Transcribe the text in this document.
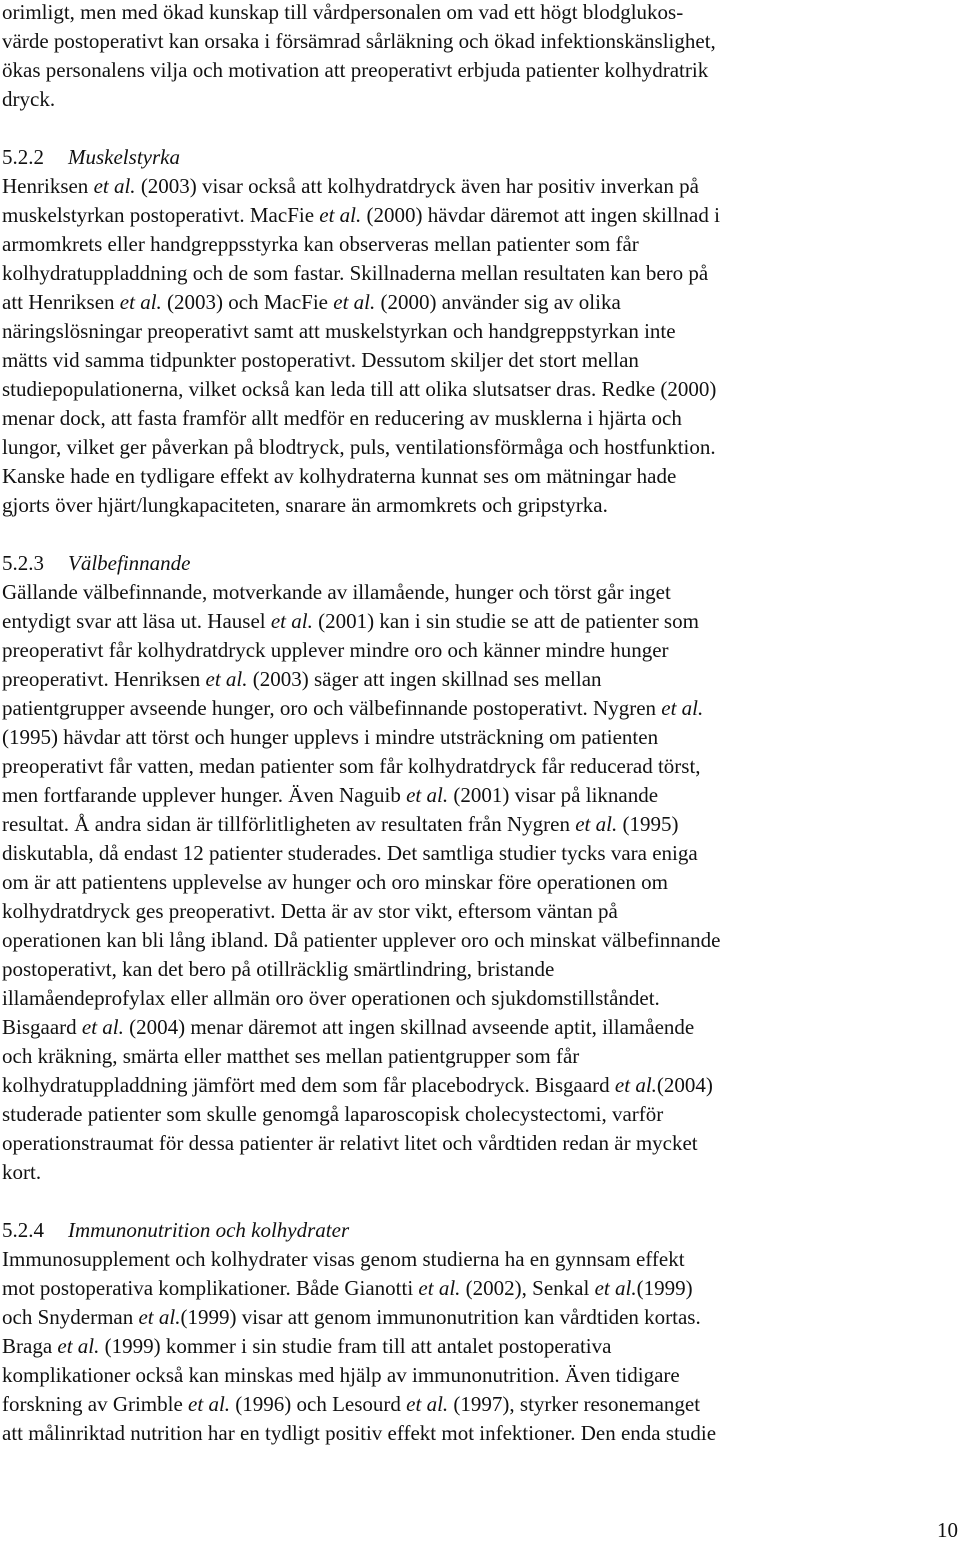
orimligt, men med ökad kunskap till vårdpersonalen om vad ett högt blodglukos-
värde postoperativt kan orsaka i försämrad sårläkning och ökad infektionskänslighet,
ökas personalens vilja och motivation att preoperativt erbjuda patienter kolhydratrik
dryck.
5.2.2 Muskelstyrka
Henriksen et al. (2003) visar också att kolhydratdryck även har positiv inverkan på
muskelstyrkan postoperativt. MacFie et al. (2000) hävdar däremot att ingen skillnad i
armomkrets eller handgreppsstyrka kan observeras mellan patienter som får
kolhydratuppladdning och de som fastar. Skillnaderna mellan resultaten kan bero på
att Henriksen et al. (2003) och MacFie et al. (2000) använder sig av olika
näringslösningar preoperativt samt att muskelstyrkan och handgreppstyrkan inte
mätts vid samma tidpunkter postoperativt. Dessutom skiljer det stort mellan
studiepopulationerna, vilket också kan leda till att olika slutsatser dras. Redke (2000)
menar dock, att fasta framför allt medför en reducering av musklerna i hjärta och
lungor, vilket ger påverkan på blodtryck, puls, ventilationsförmåga och hostfunktion.
Kanske hade en tydligare effekt av kolhydraterna kunnat ses om mätningar hade
gjorts över hjärt/lungkapaciteten, snarare än armomkrets och gripstyrka.
5.2.3 Välbefinnande
Gällande välbefinnande, motverkande av illamående, hunger och törst går inget
entydigt svar att läsa ut. Hausel et al. (2001) kan i sin studie se att de patienter som
preoperativt får kolhydratdryck upplever mindre oro och känner mindre hunger
preoperativt. Henriksen et al. (2003) säger att ingen skillnad ses mellan
patientgrupper avseende hunger, oro och välbefinnande postoperativt. Nygren et al.
(1995) hävdar att törst och hunger upplevs i mindre utsträckning om patienten
preoperativt får vatten, medan patienter som får kolhydratdryck får reducerad törst,
men fortfarande upplever hunger. Även Naguib et al. (2001) visar på liknande
resultat. Å andra sidan är tillförlitligheten av resultaten från Nygren et al. (1995)
diskutabla, då endast 12 patienter studerades. Det samtliga studier tycks vara eniga
om är att patientens upplevelse av hunger och oro minskar före operationen om
kolhydratdryck ges preoperativt. Detta är av stor vikt, eftersom väntan på
operationen kan bli lång ibland. Då patienter upplever oro och minskat välbefinnande
postoperativt, kan det bero på otillräcklig smärtlindring, bristande
illamåendeprofylax eller allmän oro över operationen och sjukdomstillståndet.
Bisgaard et al. (2004) menar däremot att ingen skillnad avseende aptit, illamående
och kräkning, smärta eller matthet ses mellan patientgrupper som får
kolhydratuppladdning jämfört med dem som får placebodryck. Bisgaard et al.(2004)
studerade patienter som skulle genomgå laparoscopisk cholecystectomi, varför
operationstraumat för dessa patienter är relativt litet och vårdtiden redan är mycket
kort.
5.2.4 Immunonutrition och kolhydrater
Immunosupplement och kolhydrater visas genom studierna ha en gynnsam effekt
mot postoperativa komplikationer. Både Gianotti et al. (2002), Senkal et al.(1999)
och Snyderman et al.(1999) visar att genom immunonutrition kan vårdtiden kortas.
Braga et al. (1999) kommer i sin studie fram till att antalet postoperativa
komplikationer också kan minskas med hjälp av immunonutrition. Även tidigare
forskning av Grimble et al. (1996) och Lesourd et al. (1997), styrker resonemanget
att målinriktad nutrition har en tydligt positiv effekt mot infektioner. Den enda studie
10
